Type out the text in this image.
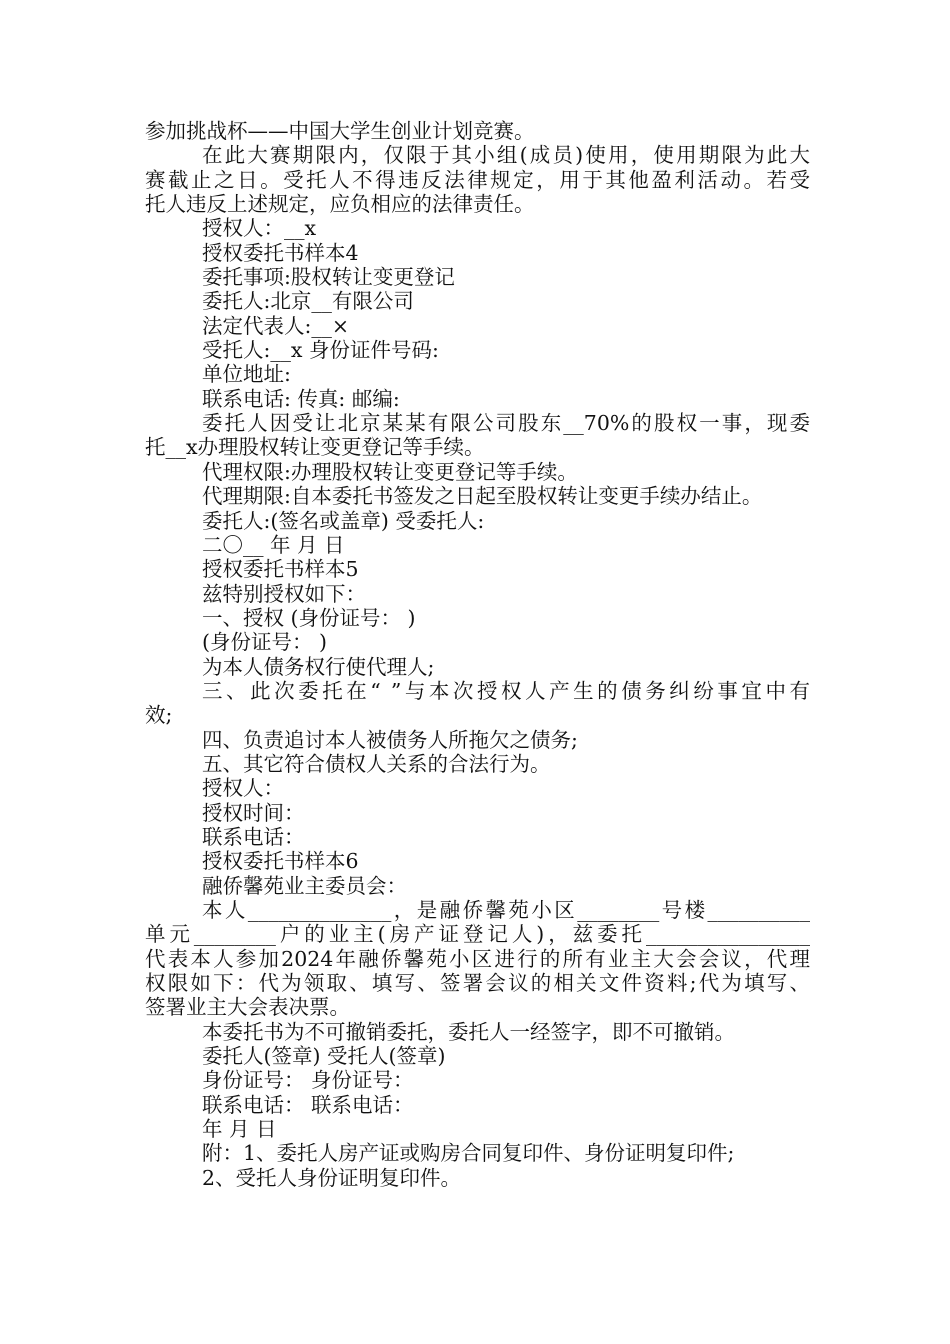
参加挑战杯——中国大学生创业计划竞赛。
在此大赛期限内，仅限于其小组(成员)使用，使用期限为此大
赛截止之日。受托人不得违反法律规定，用于其他盈利活动。若受
托人违反上述规定，应负相应的法律责任。
授权人：__x
授权委托书样本4
委托事项:股权转让变更登记
委托人:北京__有限公司
法定代表人:__×
受托人:__x 身份证件号码:
单位地址:
联系电话: 传真: 邮编:
委托人因受让北京某某有限公司股东__70%的股权一事，现委
托__x办理股权转让变更登记等手续。
代理权限:办理股权转让变更登记等手续。
代理期限:自本委托书签发之日起至股权转让变更手续办结止。
委托人:(签名或盖章) 受委托人:
二〇__ 年 月 日
授权委托书样本5
兹特别授权如下：
一、授权 (身份证号： )
(身份证号： )
为本人债务权行使代理人;
三、此次委托在“ ”与本次授权人产生的债务纠纷事宜中有
效;
四、负责追讨本人被债务人所拖欠之债务;
五、其它符合债权人关系的合法行为。
授权人：
授权时间：
联系电话：
授权委托书样本6
融侨馨苑业主委员会：
本人______________，是融侨馨苑小区________号楼__________
单元________户的业主(房产证登记人)，兹委托________________
代表本人参加2024年融侨馨苑小区进行的所有业主大会会议，代理
权限如下：代为领取、填写、签署会议的相关文件资料;代为填写、
签署业主大会表决票。
本委托书为不可撤销委托，委托人一经签字，即不可撤销。
委托人(签章) 受托人(签章)
身份证号： 身份证号：
联系电话： 联系电话：
年 月 日
附：1、委托人房产证或购房合同复印件、身份证明复印件;
2、受托人身份证明复印件。
